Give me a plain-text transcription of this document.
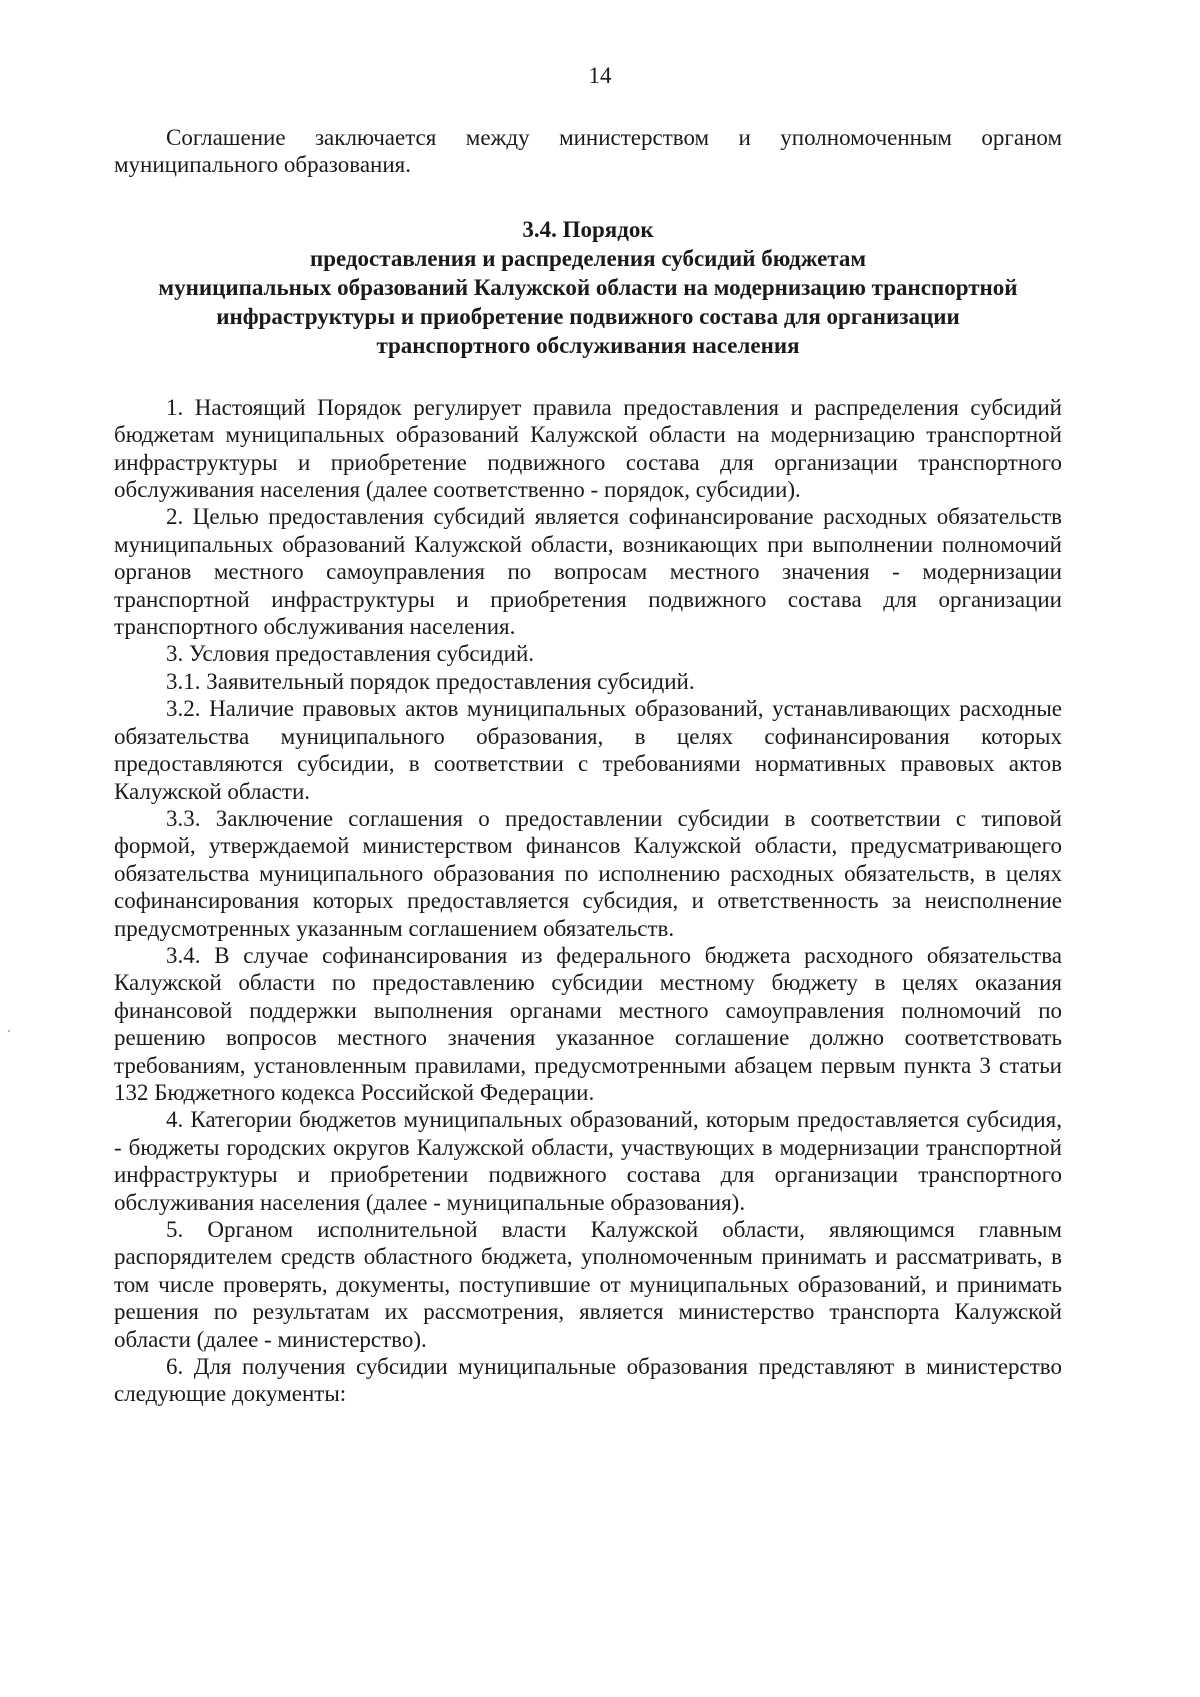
14

Соглашение заключается между министерством и уполномоченным органом муниципального образования.

3.4. Порядок
предоставления и распределения субсидий бюджетам
муниципальных образований Калужской области на модернизацию транспортной
инфраструктуры и приобретение подвижного состава для организации
транспортного обслуживания населения

1. Настоящий Порядок регулирует правила предоставления и распределения субсидий бюджетам муниципальных образований Калужской области на модернизацию транспортной инфраструктуры и приобретение подвижного состава для организации транспортного обслуживания населения (далее соответственно - порядок, субсидии).

2. Целью предоставления субсидий является софинансирование расходных обязательств муниципальных образований Калужской области, возникающих при выполнении полномочий органов местного самоуправления по вопросам местного значения - модернизации транспортной инфраструктуры и приобретения подвижного состава для организации транспортного обслуживания населения.

3. Условия предоставления субсидий.

3.1. Заявительный порядок предоставления субсидий.

3.2. Наличие правовых актов муниципальных образований, устанавливающих расходные обязательства муниципального образования, в целях софинансирования которых предоставляются субсидии, в соответствии с требованиями нормативных правовых актов Калужской области.

3.3. Заключение соглашения о предоставлении субсидии в соответствии с типовой формой, утверждаемой министерством финансов Калужской области, предусматривающего обязательства муниципального образования по исполнению расходных обязательств, в целях софинансирования которых предоставляется субсидия, и ответственность за неисполнение предусмотренных указанным соглашением обязательств.

3.4. В случае софинансирования из федерального бюджета расходного обязательства Калужской области по предоставлению субсидии местному бюджету в целях оказания финансовой поддержки выполнения органами местного самоуправления полномочий по решению вопросов местного значения указанное соглашение должно соответствовать требованиям, установленным правилами, предусмотренными абзацем первым пункта 3 статьи 132 Бюджетного кодекса Российской Федерации.

4. Категории бюджетов муниципальных образований, которым предоставляется субсидия, - бюджеты городских округов Калужской области, участвующих в модернизации транспортной инфраструктуры и приобретении подвижного состава для организации транспортного обслуживания населения (далее - муниципальные образования).

5. Органом исполнительной власти Калужской области, являющимся главным распорядителем средств областного бюджета, уполномоченным принимать и рассматривать, в том числе проверять, документы, поступившие от муниципальных образований, и принимать решения по результатам их рассмотрения, является министерство транспорта Калужской области (далее - министерство).

6. Для получения субсидии муниципальные образования представляют в министерство следующие документы:
